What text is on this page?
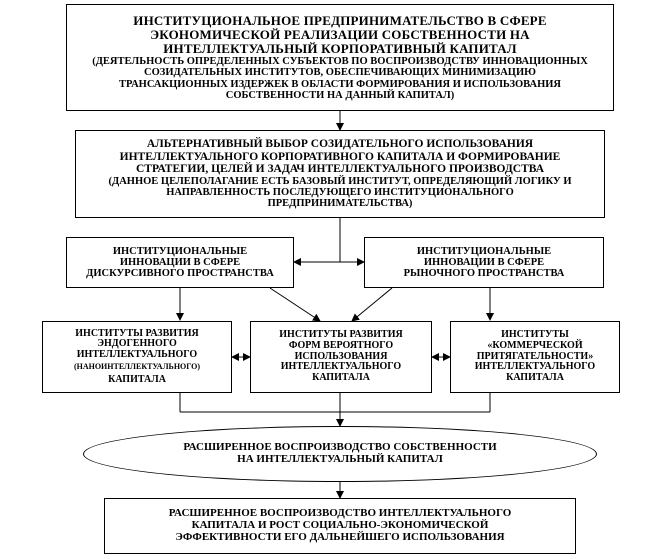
ИНСТИТУЦИОНАЛЬНОЕ ПРЕДПРИНИМАТЕЛЬСТВО В СФЕРЕ
ЭКОНОМИЧЕСКОЙ РЕАЛИЗАЦИИ СОБСТВЕННОСТИ НА
ИНТЕЛЛЕКТУАЛЬНЫЙ КОРПОРАТИВНЫЙ КАПИТАЛ
(ДЕЯТЕЛЬНОСТЬ ОПРЕДЕЛЕННЫХ СУБЪЕКТОВ ПО ВОСПРОИЗВОДСТВУ ИННОВАЦИОННЫХ
СОЗИДАТЕЛЬНЫХ ИНСТИТУТОВ, ОБЕСПЕЧИВАЮЩИХ МИНИМИЗАЦИЮ
ТРАНСАКЦИОННЫХ ИЗДЕРЖЕК В ОБЛАСТИ ФОРМИРОВАНИЯ И ИСПОЛЬЗОВАНИЯ
СОБСТВЕННОСТИ НА ДАННЫЙ КАПИТАЛ)
АЛЬТЕРНАТИВНЫЙ ВЫБОР СОЗИДАТЕЛЬНОГО ИСПОЛЬЗОВАНИЯ
ИНТЕЛЛЕКТУАЛЬНОГО КОРПОРАТИВНОГО КАПИТАЛА И ФОРМИРОВАНИЕ
СТРАТЕГИИ, ЦЕЛЕЙ И ЗАДАЧ ИНТЕЛЛЕКТУАЛЬНОГО ПРОИЗВОДСТВА
(ДАННОЕ ЦЕЛЕПОЛАГАНИЕ ЕСТЬ БАЗОВЫЙ ИНСТИТУТ, ОПРЕДЕЛЯЮЩИЙ ЛОГИКУ И
НАПРАВЛЕННОСТЬ ПОСЛЕДУЮЩЕГО ИНСТИТУЦИОНАЛЬНОГО
ПРЕДПРИНИМАТЕЛЬСТВА)
ИНСТИТУЦИОНАЛЬНЫЕ
ИННОВАЦИИ В СФЕРЕ
ДИСКУРСИВНОГО ПРОСТРАНСТВА
ИНСТИТУЦИОНАЛЬНЫЕ
ИННОВАЦИИ В СФЕРЕ
РЫНОЧНОГО ПРОСТРАНСТВА
ИНСТИТУТЫ РАЗВИТИЯ
ЭНДОГЕННОГО
ИНТЕЛЛЕКТУАЛЬНОГО
(НАНОИНТЕЛЛЕКТУАЛЬНОГО)
КАПИТАЛА
ИНСТИТУТЫ РАЗВИТИЯ
ФОРМ ВЕРОЯТНОГО
ИСПОЛЬЗОВАНИЯ
ИНТЕЛЛЕКТУАЛЬНОГО
КАПИТАЛА
ИНСТИТУТЫ
«КОММЕРЧЕСКОЙ
ПРИТЯГАТЕЛЬНОСТИ»
ИНТЕЛЛЕКТУАЛЬНОГО
КАПИТАЛА
РАСШИРЕННОЕ ВОСПРОИЗВОДСТВО СОБСТВЕННОСТИ
НА ИНТЕЛЛЕКТУАЛЬНЫЙ КАПИТАЛ
РАСШИРЕННОЕ ВОСПРОИЗВОДСТВО ИНТЕЛЛЕКТУАЛЬНОГО
КАПИТАЛА И РОСТ СОЦИАЛЬНО-ЭКОНОМИЧЕСКОЙ
ЭФФЕКТИВНОСТИ ЕГО ДАЛЬНЕЙШЕГО ИСПОЛЬЗОВАНИЯ
